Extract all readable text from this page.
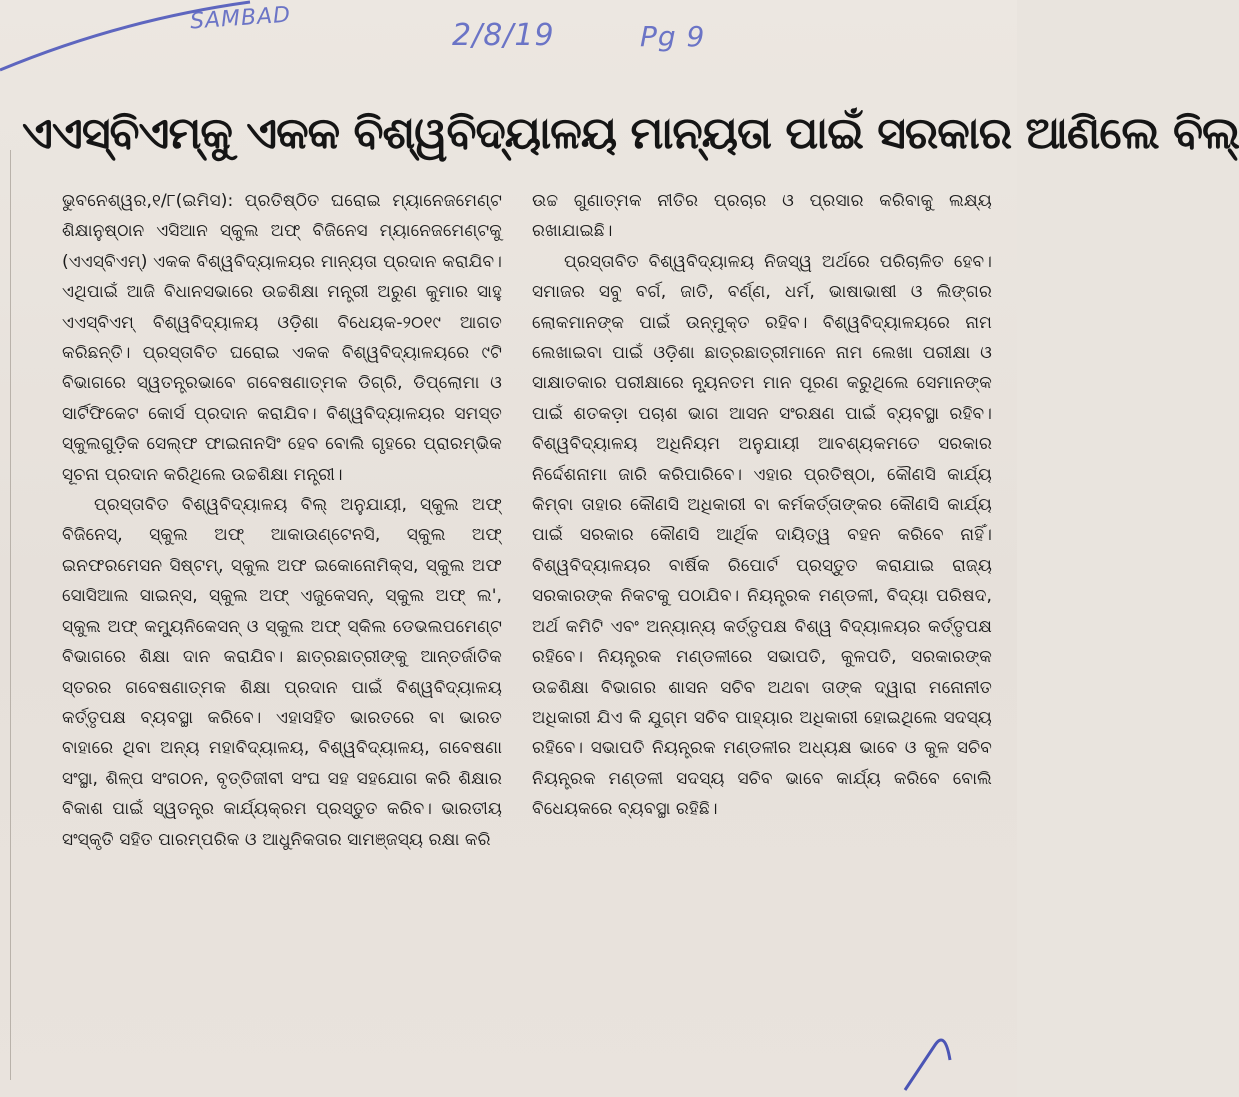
SAMBAD	2/8/19	Pg 9
ଏଏସ୍‌ବିଏମ୍‌କୁ ଏକକ ବିଶ୍ୱବିଦ୍ୟାଳୟ ମାନ୍ୟତା ପାଇଁ ସରକାର ଆଣିଲେ ବିଲ୍‌

ଭୁବନେଶ୍ୱର,୧/୮(ଇମିସ): ପ୍ରତିଷ୍ଠିତ ଘରୋଇ ମ୍ୟାନେଜମେଣ୍ଟ ଶିକ୍ଷାନୁଷ୍ଠାନ ଏସିଆନ ସ୍କୁଲ ଅଫ୍ ବିଜିନେସ ମ୍ୟାନେଜମେଣ୍ଟକୁ (ଏଏସ୍‌ବିଏମ୍) ଏକକ ବିଶ୍ୱବିଦ୍ୟାଳୟର ମାନ୍ୟତା ପ୍ରଦାନ କରାଯିବ। ଏଥିପାଇଁ ଆଜି ବିଧାନସଭାରେ ଉଚ୍ଚଶିକ୍ଷା ମନ୍ତ୍ରୀ ଅରୁଣ କୁମାର ସାହୁ ଏଏସ୍‌ବିଏମ୍ ବିଶ୍ୱବିଦ୍ୟାଳୟ ଓଡ଼ିଶା ବିଧେୟକ-୨୦୧୯ ଆଗତ କରିଛନ୍ତି। ପ୍ରସ୍ତାବିତ ଘରୋଇ ଏକକ ବିଶ୍ୱବିଦ୍ୟାଳୟରେ ୯ଟି ବିଭାଗରେ ସ୍ୱତନ୍ତ୍ରଭାବେ ଗବେଷଣାତ୍ମକ ଡିଗ୍ରି, ଡିପ୍ଲୋମା ଓ ସାର୍ଟିଫିକେଟ କୋର୍ସ ପ୍ରଦାନ କରାଯିବ। ବିଶ୍ୱବିଦ୍ୟାଳୟର ସମସ୍ତ ସ୍କୁଲଗୁଡ଼ିକ ସେଲ୍ଫ ଫାଇନାନସିଂ ହେବ ବୋଲି ଗୃହରେ ପ୍ରାରମ୍ଭିକ ସୂଚନା ପ୍ରଦାନ କରିଥିଲେ ଉଚ୍ଚଶିକ୍ଷା ମନ୍ତ୍ରୀ।

ପ୍ରସ୍ତାବିତ ବିଶ୍ୱବିଦ୍ୟାଳୟ ବିଲ୍ ଅନୁଯାୟୀ, ସ୍କୁଲ ଅଫ୍ ବିଜିନେସ୍, ସ୍କୁଲ ଅଫ୍ ଆକାଉଣ୍ଟେନସି, ସ୍କୁଲ ଅଫ୍ ଇନଫରମେସନ ସିଷ୍ଟମ୍, ସ୍କୁଲ ଅଫ ଇକୋନୋମିକ୍ସ, ସ୍କୁଲ ଅଫ ସୋସିଆଲ ସାଇନ୍ସ, ସ୍କୁଲ ଅଫ୍ ଏଜୁକେସନ୍, ସ୍କୁଲ ଅଫ୍ ଲ', ସ୍କୁଲ ଅଫ୍ କମ୍ୟୁନିକେସନ୍ ଓ ସ୍କୁଲ ଅଫ୍ ସ୍କିଲ ଡେଭଲପମେଣ୍ଟ ବିଭାଗରେ ଶିକ୍ଷା ଦାନ କରାଯିବ। ଛାତ୍ରଛାତ୍ରୀଙ୍କୁ ଆନ୍ତର୍ଜାତିକ ସ୍ତରର ଗବେଷଣାତ୍ମକ ଶିକ୍ଷା ପ୍ରଦାନ ପାଇଁ ବିଶ୍ୱବିଦ୍ୟାଳୟ କର୍ତ୍ତୃପକ୍ଷ ବ୍ୟବସ୍ଥା କରିବେ। ଏହାସହିତ ଭାରତରେ ବା ଭାରତ ବାହାରେ ଥିବା ଅନ୍ୟ ମହାବିଦ୍ୟାଳୟ, ବିଶ୍ୱବିଦ୍ୟାଳୟ, ଗବେଷଣା ସଂସ୍ଥା, ଶିଳ୍ପ ସଂଗଠନ, ବୃତ୍ତିଜୀବୀ ସଂଘ ସହ ସହଯୋଗ କରି ଶିକ୍ଷାର ବିକାଶ ପାଇଁ ସ୍ୱତନ୍ତ୍ର କାର୍ଯ୍ୟକ୍ରମ ପ୍ରସ୍ତୁତ କରିବ। ଭାରତୀୟ ସଂସ୍କୃତି ସହିତ ପାରମ୍ପରିକ ଓ ଆଧୁନିକତାର ସାମଞ୍ଜସ୍ୟ ରକ୍ଷା କରି

ଉଚ୍ଚ ଗୁଣାତ୍ମକ ନୀତିର ପ୍ରଚାର ଓ ପ୍ରସାର କରିବାକୁ ଲକ୍ଷ୍ୟ ରଖାଯାଇଛି।

ପ୍ରସ୍ତାବିତ ବିଶ୍ୱବିଦ୍ୟାଳୟ ନିଜସ୍ୱ ଅର୍ଥରେ ପରିଚାଳିତ ହେବ। ସମାଜର ସବୁ ବର୍ଗ, ଜାତି, ବର୍ଣ୍ଣ, ଧର୍ମ, ଭାଷାଭାଷୀ ଓ ଲିଙ୍ଗର ଲୋକମାନଙ୍କ ପାଇଁ ଉନ୍ମୁକ୍ତ ରହିବ। ବିଶ୍ୱବିଦ୍ୟାଳୟରେ ନାମ ଲେଖାଇବା ପାଇଁ ଓଡ଼ିଶା ଛାତ୍ରଛାତ୍ରୀମାନେ ନାମ ଲେଖା ପରୀକ୍ଷା ଓ ସାକ୍ଷାତକାର ପରୀକ୍ଷାରେ ନ୍ୟୂନତମ ମାନ ପୂରଣ କରୁଥିଲେ ସେମାନଙ୍କ ପାଇଁ ଶତକଡ଼ା ପଚାଶ ଭାଗ ଆସନ ସଂରକ୍ଷଣ ପାଇଁ ବ୍ୟବସ୍ଥା ରହିବ। ବିଶ୍ୱବିଦ୍ୟାଳୟ ଅଧିନିୟମ ଅନୁଯାୟୀ ଆବଶ୍ୟକମତେ ସରକାର ନିର୍ଦ୍ଦେଶନାମା ଜାରି କରିପାରିବେ। ଏହାର ପ୍ରତିଷ୍ଠା, କୌଣସି କାର୍ଯ୍ୟ କିମ୍ବା ତାହାର କୌଣସି ଅଧିକାରୀ ବା କର୍ମକର୍ତ୍ତାଙ୍କର କୌଣସି କାର୍ଯ୍ୟ ପାଇଁ ସରକାର କୌଣସି ଆର୍ଥିକ ଦାୟିତ୍ୱ ବହନ କରିବେ ନାହିଁ। ବିଶ୍ୱବିଦ୍ୟାଳୟର ବାର୍ଷିକ ରିପୋର୍ଟ ପ୍ରସ୍ତୁତ କରାଯାଇ ରାଜ୍ୟ ସରକାରଙ୍କ ନିକଟକୁ ପଠାଯିବ। ନିୟନ୍ତ୍ରକ ମଣ୍ଡଳୀ, ବିଦ୍ୟା ପରିଷଦ, ଅର୍ଥ କମିଟି ଏବଂ ଅନ୍ୟାନ୍ୟ କର୍ତ୍ତୃପକ୍ଷ ବିଶ୍ୱ ବିଦ୍ୟାଳୟର କର୍ତ୍ତୃପକ୍ଷ ରହିବେ। ନିୟନ୍ତ୍ରକ ମଣ୍ଡଳୀରେ ସଭାପତି, କୁଳପତି, ସରକାରଙ୍କ ଉଚ୍ଚଶିକ୍ଷା ବିଭାଗର ଶାସନ ସଚିବ ଅଥବା ତାଙ୍କ ଦ୍ୱାରା ମନୋନୀତ ଅଧିକାରୀ ଯିଏ କି ଯୁଗ୍ମ ସଚିବ ପାହ୍ୟାର ଅଧିକାରୀ ହୋଇଥିଲେ ସଦସ୍ୟ ରହିବେ। ସଭାପତି ନିୟନ୍ତ୍ରକ ମଣ୍ଡଳୀର ଅଧ୍ୟକ୍ଷ ଭାବେ ଓ କୁଳ ସଚିବ ନିୟନ୍ତ୍ରକ ମଣ୍ଡଳୀ ସଦସ୍ୟ ସଚିବ ଭାବେ କାର୍ଯ୍ୟ କରିବେ ବୋଲି ବିଧେୟକରେ ବ୍ୟବସ୍ଥା ରହିଛି।
